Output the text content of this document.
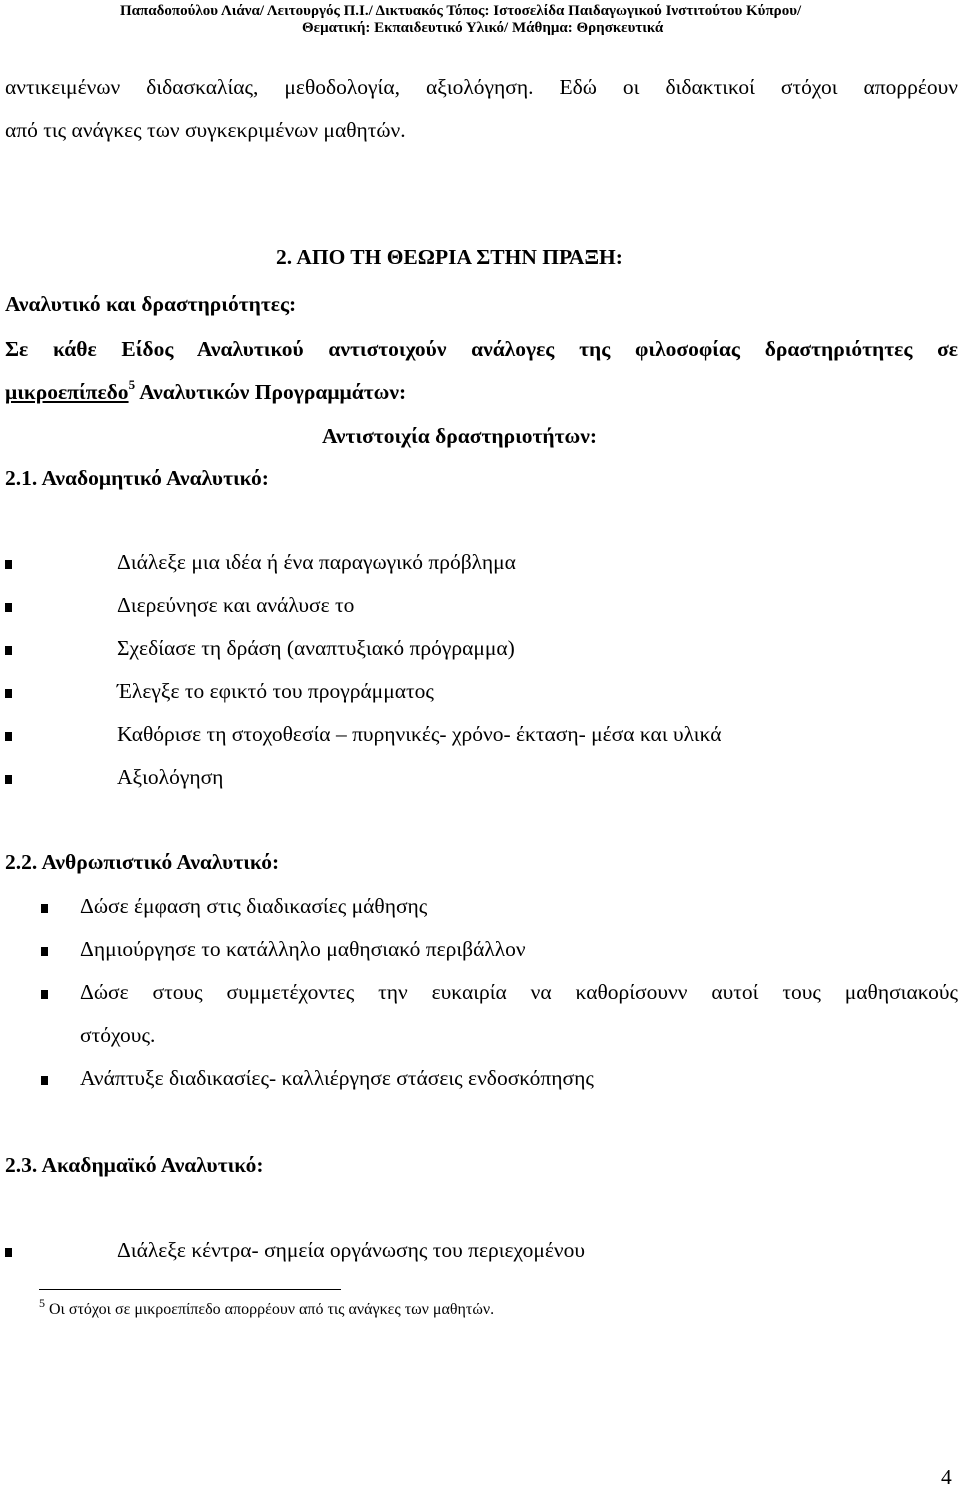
Παπαδοπούλου Λιάνα/ Λειτουργός Π.Ι./ Δικτυακός Τόπος: Ιστοσελίδα Παιδαγωγικού Ινστιτούτου Κύπρου/
Θεματική: Εκπαιδευτικό Υλικό/ Μάθημα: Θρησκευτικά
αντικειμένων διδασκαλίας, μεθοδολογία, αξιολόγηση. Εδώ οι διδακτικοί στόχοι απορρέουν
από τις ανάγκες των συγκεκριμένων μαθητών.
2. ΑΠΟ ΤΗ ΘΕΩΡΙΑ ΣΤΗΝ ΠΡΑΞΗ:
Αναλυτικό και δραστηριότητες:
Σε κάθε Είδος Αναλυτικού αντιστοιχούν ανάλογες της φιλοσοφίας δραστηριότητες σε
μικροεπίπεδο$^5$ Αναλυτικών Προγραμμάτων:
Αντιστοιχία δραστηριοτήτων:
2.1. Αναδομητικό Αναλυτικό:
Διάλεξε μια ιδέα ή ένα παραγωγικό πρόβλημα
Διερεύνησε και ανάλυσε το
Σχεδίασε τη δράση (αναπτυξιακό πρόγραμμα)
Έλεγξε το εφικτό του προγράμματος
Καθόρισε τη στοχοθεσία – πυρηνικές- χρόνο- έκταση- μέσα και υλικά
Αξιολόγηση
2.2. Ανθρωπιστικό Αναλυτικό:
Δώσε έμφαση στις διαδικασίες μάθησης
Δημιούργησε το κατάλληλο μαθησιακό περιβάλλον
Δώσε στους συμμετέχοντες την ευκαιρία να καθορίσουνν αυτοί τους μαθησιακούς
στόχους.
Ανάπτυξε διαδικασίες- καλλιέργησε στάσεις ενδοσκόπησης
2.3. Ακαδημαϊκό Αναλυτικό:
Διάλεξε κέντρα- σημεία οργάνωσης του περιεχομένου
$^5$ Οι στόχοι σε μικροεπίπεδο απορρέουν από τις ανάγκες των μαθητών.
4
